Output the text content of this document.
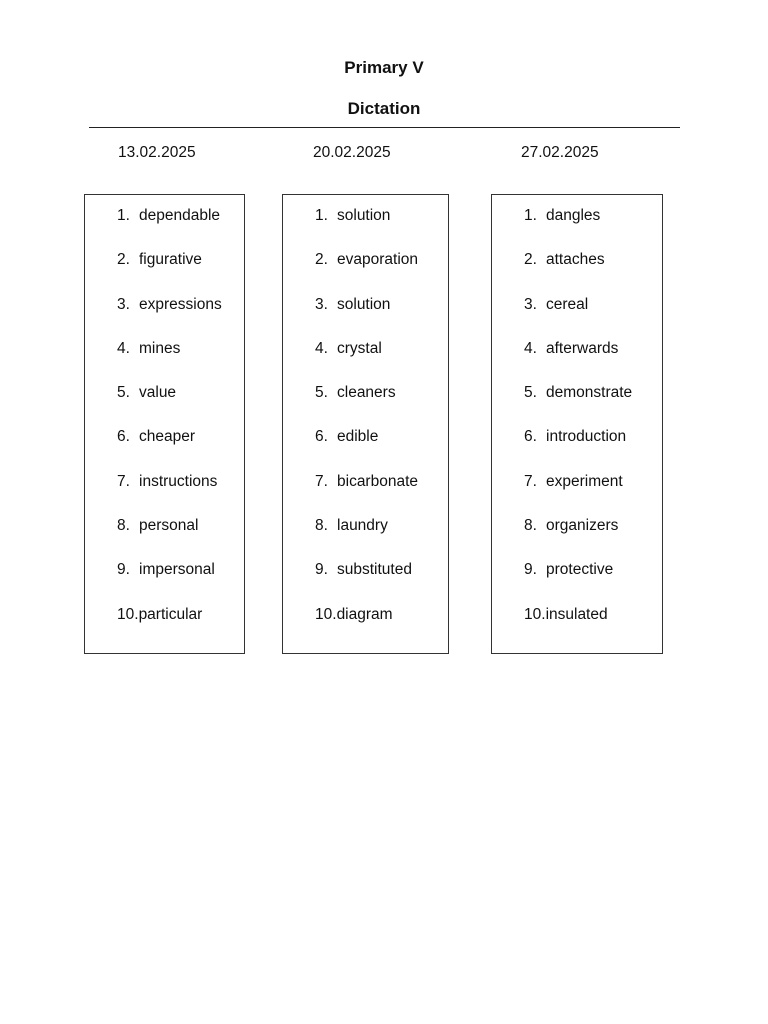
Primary V
Dictation
13.02.2025	20.02.2025	27.02.2025
1. dependable
2. figurative
3. expressions
4. mines
5. value
6. cheaper
7. instructions
8. personal
9. impersonal
10.particular
1. solution
2. evaporation
3. solution
4. crystal
5. cleaners
6. edible
7. bicarbonate
8. laundry
9. substituted
10.diagram
1. dangles
2. attaches
3. cereal
4. afterwards
5. demonstrate
6. introduction
7. experiment
8. organizers
9. protective
10.insulated
